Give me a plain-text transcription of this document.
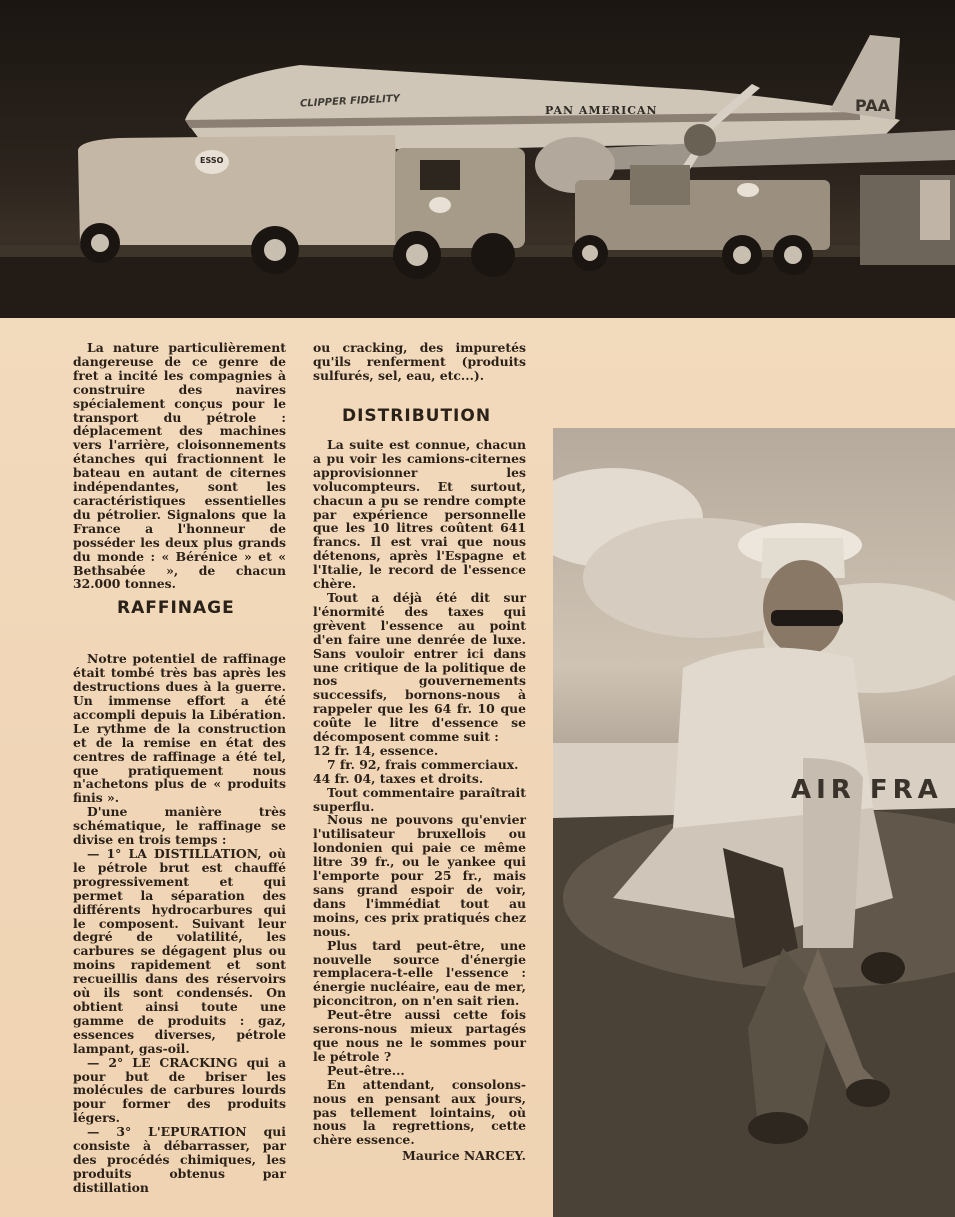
CLIPPER FIDELITY
PAN AMERICAN	PAA
ESSO
AIR FRA

La nature particulièrement dangereuse de ce genre de fret a incité les compagnies à construire des navires spécialement conçus pour le transport du pétrole : déplacement des machines vers l'arrière, cloisonnements étanches qui fractionnent le bateau en autant de citernes indépendantes, sont les caractéristiques essentielles du pétrolier. Signalons que la France a l'honneur de posséder les deux plus grands du monde : « Bérénice » et « Bethsabée », de chacun 32.000 tonnes.

Notre potentiel de raffinage était tombé très bas après les destructions dues à la guerre. Un immense effort a été accompli depuis la Libération. Le rythme de la construction et de la remise en état des centres de raffinage a été tel, que pratiquement nous n'achetons plus de « produits finis ».

D'une manière très schématique, le raffinage se divise en trois temps :

— 1° LA DISTILLATION, où le pétrole brut est chauffé progressivement et qui permet la séparation des différents hydrocarbures qui le composent. Suivant leur degré de volatilité, les carbures se dégagent plus ou moins rapidement et sont recueillis dans des réservoirs où ils sont condensés. On obtient ainsi toute une gamme de produits : gaz, essences diverses, pétrole lampant, gas-oil.

— 2° LE CRACKING qui a pour but de briser les molécules de carbures lourds pour former des produits légers.

— 3° L'EPURATION qui consiste à débarrasser, par des procédés chimiques, les produits obtenus par distillation

RAFFINAGE

ou cracking, des impuretés qu'ils renferment (produits sulfurés, sel, eau, etc...).

DISTRIBUTION

La suite est connue, chacun a pu voir les camions-citernes approvisionner les volucompteurs. Et surtout, chacun a pu se rendre compte par expérience personnelle que les 10 litres coûtent 641 francs. Il est vrai que nous détenons, après l'Espagne et l'Italie, le record de l'essence chère.

Tout a déjà été dit sur l'énormité des taxes qui grèvent l'essence au point d'en faire une denrée de luxe. Sans vouloir entrer ici dans une critique de la politique de nos gouvernements successifs, bornons-nous à rappeler que les 64 fr. 10 que coûte le litre d'essence se décomposent comme suit :

12 fr. 14, essence.

7 fr. 92, frais commerciaux.

44 fr. 04, taxes et droits.

Tout commentaire paraîtrait superflu.

Nous ne pouvons qu'envier l'utilisateur bruxellois ou londonien qui paie ce même litre 39 fr., ou le yankee qui l'emporte pour 25 fr., mais sans grand espoir de voir, dans l'immédiat tout au moins, ces prix pratiqués chez nous.

Plus tard peut-être, une nouvelle source d'énergie remplacera-t-elle l'essence : énergie nucléaire, eau de mer, piconcitron, on n'en sait rien.

Peut-être aussi cette fois serons-nous mieux partagés que nous ne le sommes pour le pétrole ?

Peut-être...

En attendant, consolons-nous en pensant aux jours, pas tellement lointains, où nous la regrettions, cette chère essence.

Maurice NARCEY.
